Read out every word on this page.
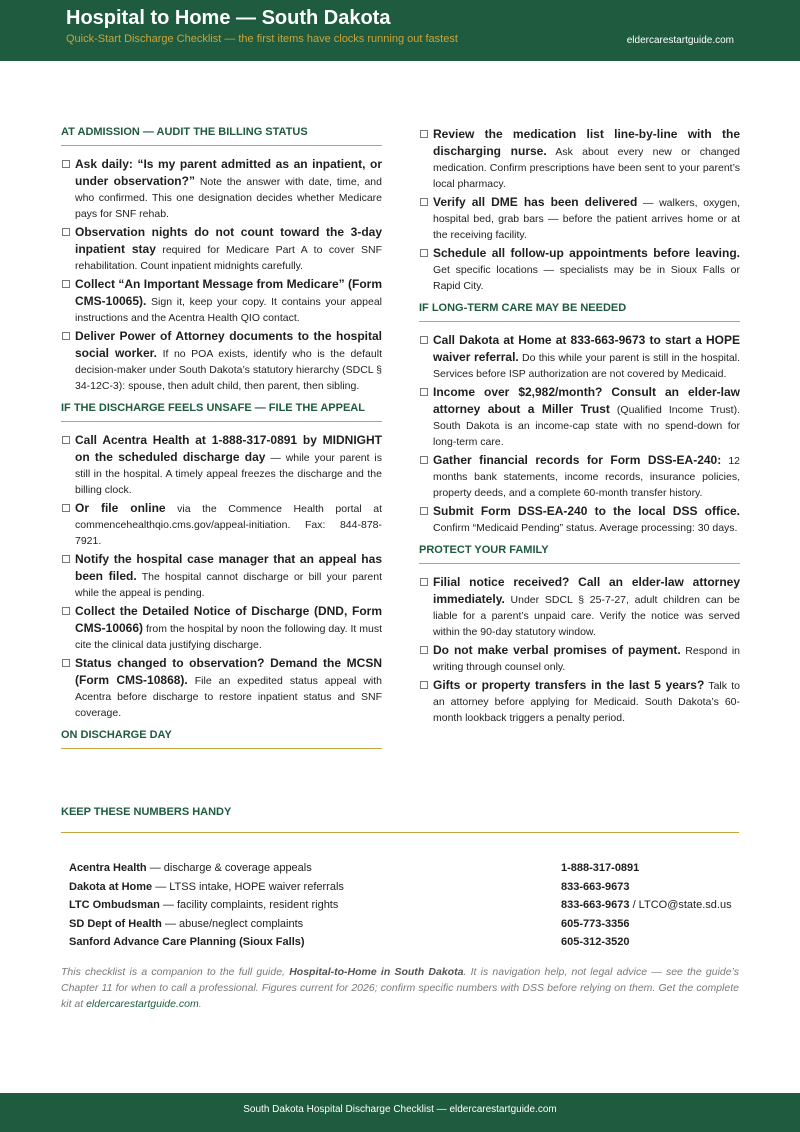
Hospital to Home — South Dakota
Quick-Start Discharge Checklist — the first items have clocks running out fastest	eldercarestartguide.com
AT ADMISSION — AUDIT THE BILLING STATUS
Ask daily: “Is my parent admitted as an inpatient, or under observation?” Note the answer with date, time, and who confirmed. This one designation decides whether Medicare pays for SNF rehab.
Observation nights do not count toward the 3-day inpatient stay required for Medicare Part A to cover SNF rehabilitation. Count inpatient midnights carefully.
Collect “An Important Message from Medicare” (Form CMS-10065). Sign it, keep your copy. It contains your appeal instructions and the Acentra Health QIO contact.
Deliver Power of Attorney documents to the hospital social worker. If no POA exists, identify who is the default decision-maker under South Dakota’s statutory hierarchy (SDCL § 34-12C-3): spouse, then adult child, then parent, then sibling.
IF THE DISCHARGE FEELS UNSAFE — FILE THE APPEAL
Call Acentra Health at 1-888-317-0891 by MIDNIGHT on the scheduled discharge day — while your parent is still in the hospital. A timely appeal freezes the discharge and the billing clock.
Or file online via the Commence Health portal at commencehealthqio.cms.gov/appeal-initiation. Fax: 844-878-7921.
Notify the hospital case manager that an appeal has been filed. The hospital cannot discharge or bill your parent while the appeal is pending.
Collect the Detailed Notice of Discharge (DND, Form CMS-10066) from the hospital by noon the following day. It must cite the clinical data justifying discharge.
Status changed to observation? Demand the MCSN (Form CMS-10868). File an expedited status appeal with Acentra before discharge to restore inpatient status and SNF coverage.
ON DISCHARGE DAY
Review the medication list line-by-line with the discharging nurse. Ask about every new or changed medication. Confirm prescriptions have been sent to your parent’s local pharmacy.
Verify all DME has been delivered — walkers, oxygen, hospital bed, grab bars — before the patient arrives home or at the receiving facility.
Schedule all follow-up appointments before leaving. Get specific locations — specialists may be in Sioux Falls or Rapid City.
IF LONG-TERM CARE MAY BE NEEDED
Call Dakota at Home at 833-663-9673 to start a HOPE waiver referral. Do this while your parent is still in the hospital. Services before ISP authorization are not covered by Medicaid.
Income over $2,982/month? Consult an elder-law attorney about a Miller Trust (Qualified Income Trust). South Dakota is an income-cap state with no spend-down for long-term care.
Gather financial records for Form DSS-EA-240: 12 months bank statements, income records, insurance policies, property deeds, and a complete 60-month transfer history.
Submit Form DSS-EA-240 to the local DSS office. Confirm “Medicaid Pending” status. Average processing: 30 days.
PROTECT YOUR FAMILY
Filial notice received? Call an elder-law attorney immediately. Under SDCL § 25-7-27, adult children can be liable for a parent’s unpaid care. Verify the notice was served within the 90-day statutory window.
Do not make verbal promises of payment. Respond in writing through counsel only.
Gifts or property transfers in the last 5 years? Talk to an attorney before applying for Medicaid. South Dakota’s 60-month lookback triggers a penalty period.
KEEP THESE NUMBERS HANDY
Acentra Health — discharge & coverage appeals	1-888-317-0891
Dakota at Home — LTSS intake, HOPE waiver referrals	833-663-9673
LTC Ombudsman — facility complaints, resident rights	833-663-9673 / LTCO@state.sd.us
SD Dept of Health — abuse/neglect complaints	605-773-3356
Sanford Advance Care Planning (Sioux Falls)	605-312-3520
This checklist is a companion to the full guide, Hospital-to-Home in South Dakota. It is navigation help, not legal advice — see the guide’s Chapter 11 for when to call a professional. Figures current for 2026; confirm specific numbers with DSS before relying on them. Get the complete kit at eldercarestartguide.com.
South Dakota Hospital Discharge Checklist — eldercarestartguide.com
